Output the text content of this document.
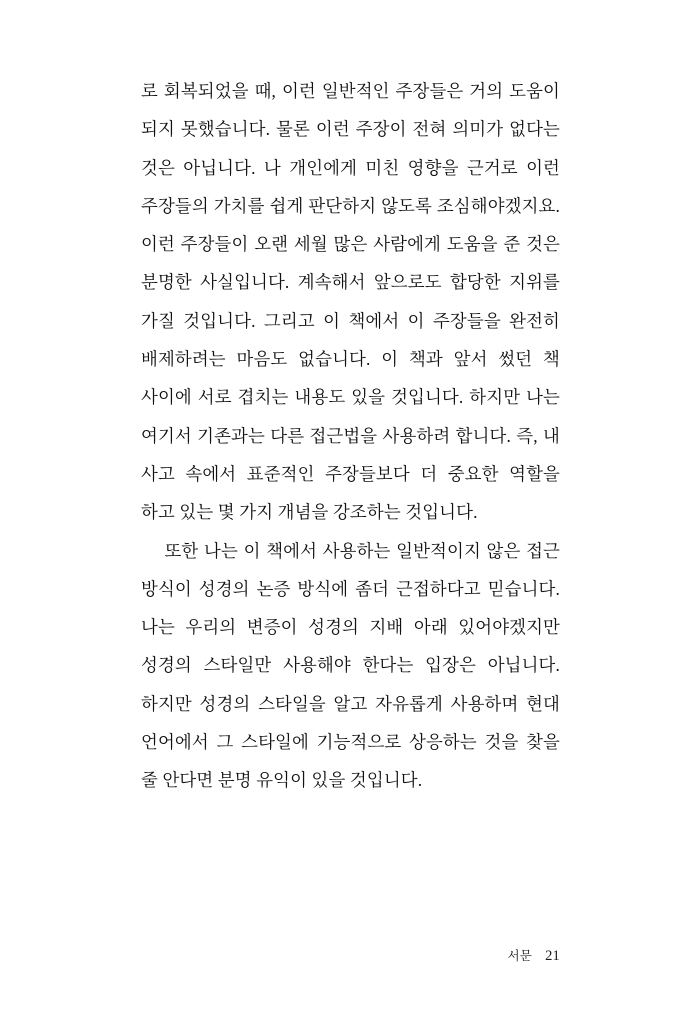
로 회복되었을 때, 이런 일반적인 주장들은 거의 도움이 되지 못했습니다. 물론 이런 주장이 전혀 의미가 없다는 것은 아닙니다. 나 개인에게 미친 영향을 근거로 이런 주장들의 가치를 쉽게 판단하지 않도록 조심해야겠지요. 이런 주장들이 오랜 세월 많은 사람에게 도움을 준 것은 분명한 사실입니다. 계속해서 앞으로도 합당한 지위를 가질 것입니다. 그리고 이 책에서 이 주장들을 완전히 배제하려는 마음도 없습니다. 이 책과 앞서 썼던 책 사이에 서로 겹치는 내용도 있을 것입니다. 하지만 나는 여기서 기존과는 다른 접근법을 사용하려 합니다. 즉, 내 사고 속에서 표준적인 주장들보다 더 중요한 역할을 하고 있는 몇 가지 개념을 강조하는 것입니다.

또한 나는 이 책에서 사용하는 일반적이지 않은 접근 방식이 성경의 논증 방식에 좀더 근접하다고 믿습니다. 나는 우리의 변증이 성경의 지배 아래 있어야겠지만 성경의 스타일만 사용해야 한다는 입장은 아닙니다. 하지만 성경의 스타일을 알고 자유롭게 사용하며 현대 언어에서 그 스타일에 기능적으로 상응하는 것을 찾을 줄 안다면 분명 유익이 있을 것입니다.

서문 21
